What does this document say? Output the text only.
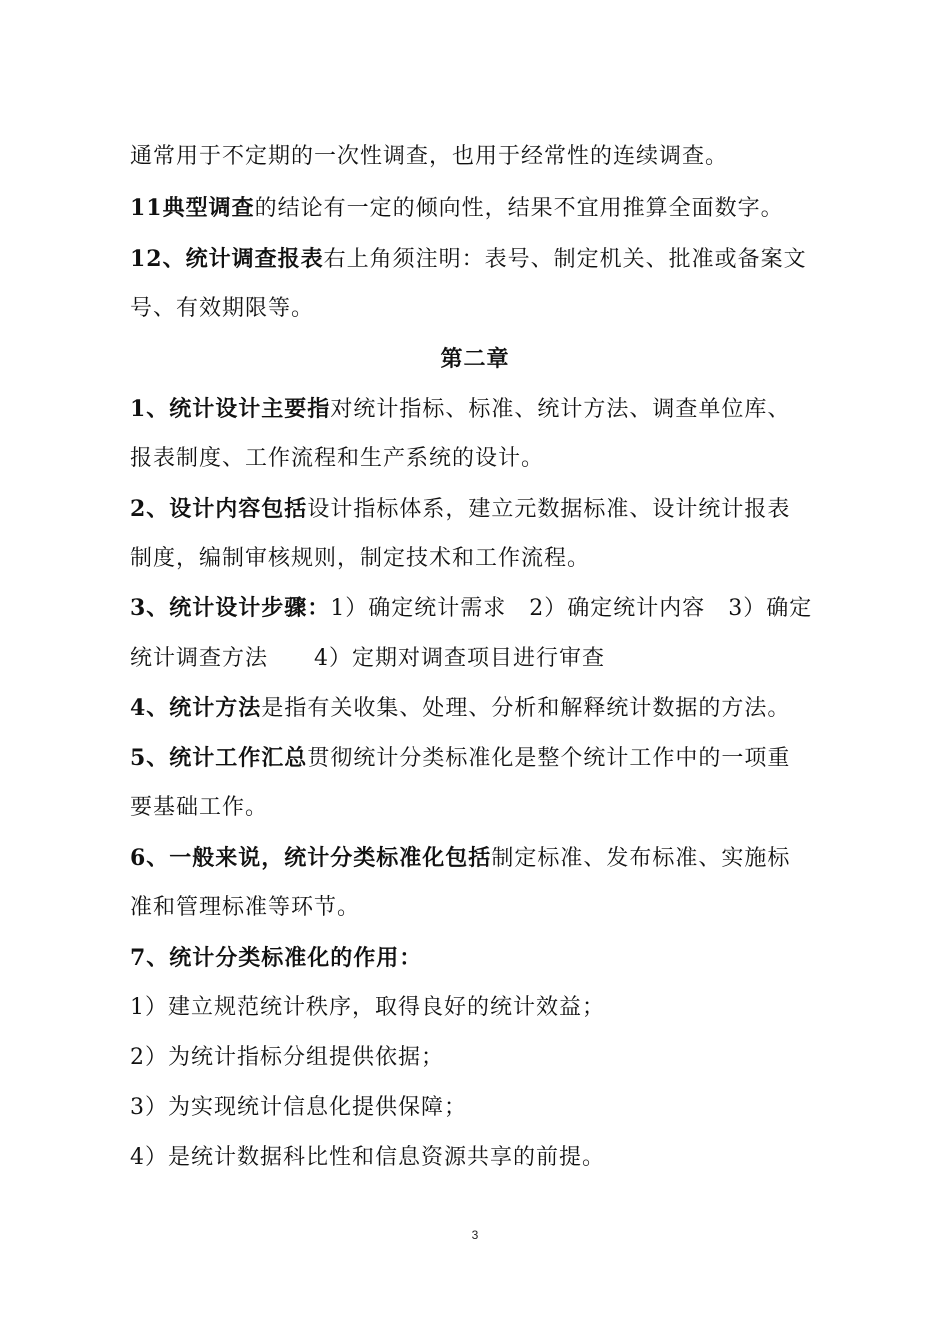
通常用于不定期的一次性调查，也用于经常性的连续调查。
11典型调查的结论有一定的倾向性，结果不宜用推算全面数字。
12、统计调查报表右上角须注明：表号、制定机关、批准或备案文
号、有效期限等。
第二章
1、统计设计主要指对统计指标、标准、统计方法、调查单位库、
报表制度、工作流程和生产系统的设计。
2、设计内容包括设计指标体系，建立元数据标准、设计统计报表
制度，编制审核规则，制定技术和工作流程。
3、统计设计步骤：1）确定统计需求　2）确定统计内容　3）确定
统计调查方法　　4）定期对调查项目进行审查
4、统计方法是指有关收集、处理、分析和解释统计数据的方法。
5、统计工作汇总贯彻统计分类标准化是整个统计工作中的一项重
要基础工作。
6、一般来说，统计分类标准化包括制定标准、发布标准、实施标
准和管理标准等环节。
7、统计分类标准化的作用：
1）建立规范统计秩序，取得良好的统计效益；
2）为统计指标分组提供依据；
3）为实现统计信息化提供保障；
4）是统计数据科比性和信息资源共享的前提。
3
